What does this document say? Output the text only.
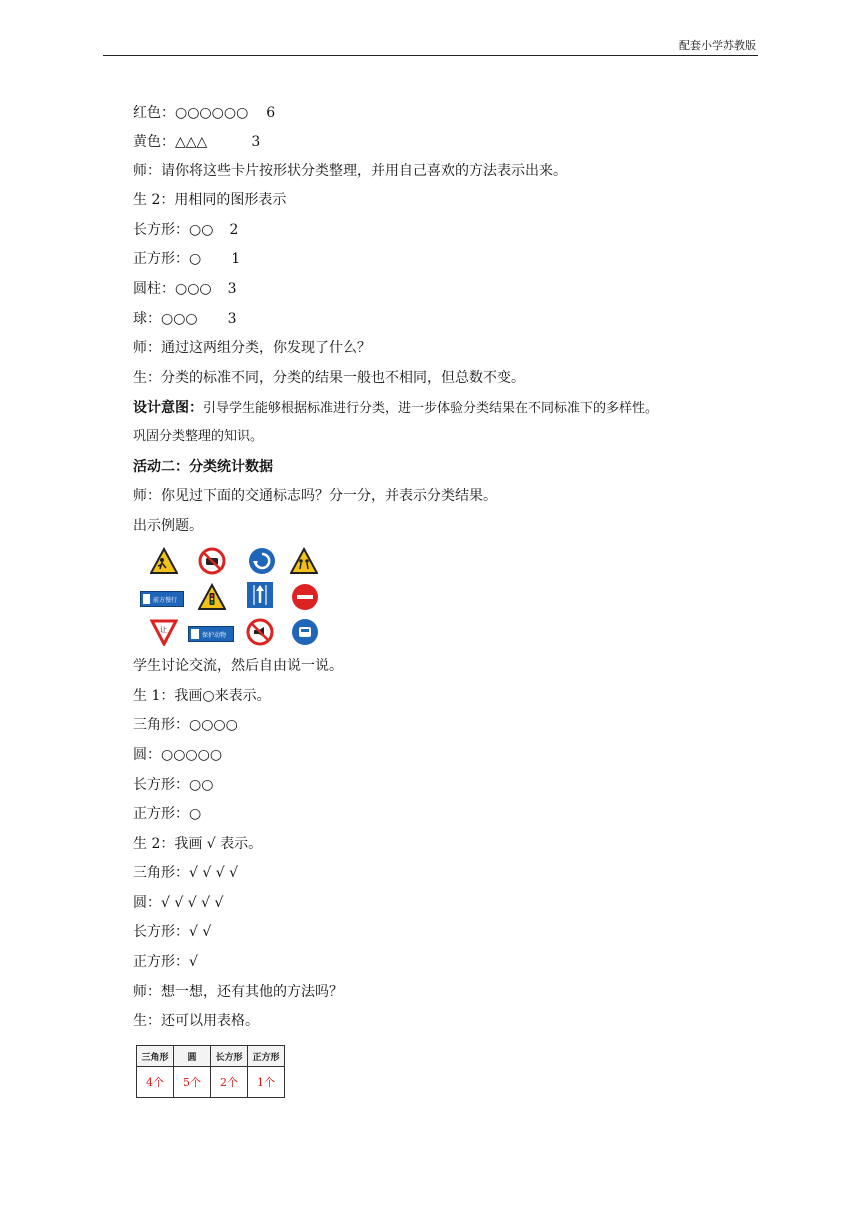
配套小学苏教版
红色：○○○○○○ 6
黄色：△△△	3
师：请你将这些卡片按形状分类整理，并用自己喜欢的方法表示出来。
生 2：用相同的图形表示
长方形：○○ 2
正方形：○ 1
圆柱：○○○ 3
球：○○○ 3
师：通过这两组分类，你发现了什么？
生：分类的标准不同，分类的结果一般也不相同，但总数不变。
设计意图：引导学生能够根据标准进行分类，进一步体验分类结果在不同标准下的多样性。
巩固分类整理的知识。
活动二：分类统计数据
师：你见过下面的交通标志吗？分一分，并表示分类结果。
出示例题。
前方慢行
让
保护动物
学生讨论交流，然后自由说一说。
生 1：我画○来表示。
三角形：○○○○
圆：○○○○○
长方形：○○
正方形：○
生 2：我画 √ 表示。
三角形：√ √ √ √
圆：√ √ √ √ √
长方形：√ √
正方形：√
师：想一想，还有其他的方法吗？
生：还可以用表格。
三角形	圆	长方形	正方形
4个	5个	2个	1个
